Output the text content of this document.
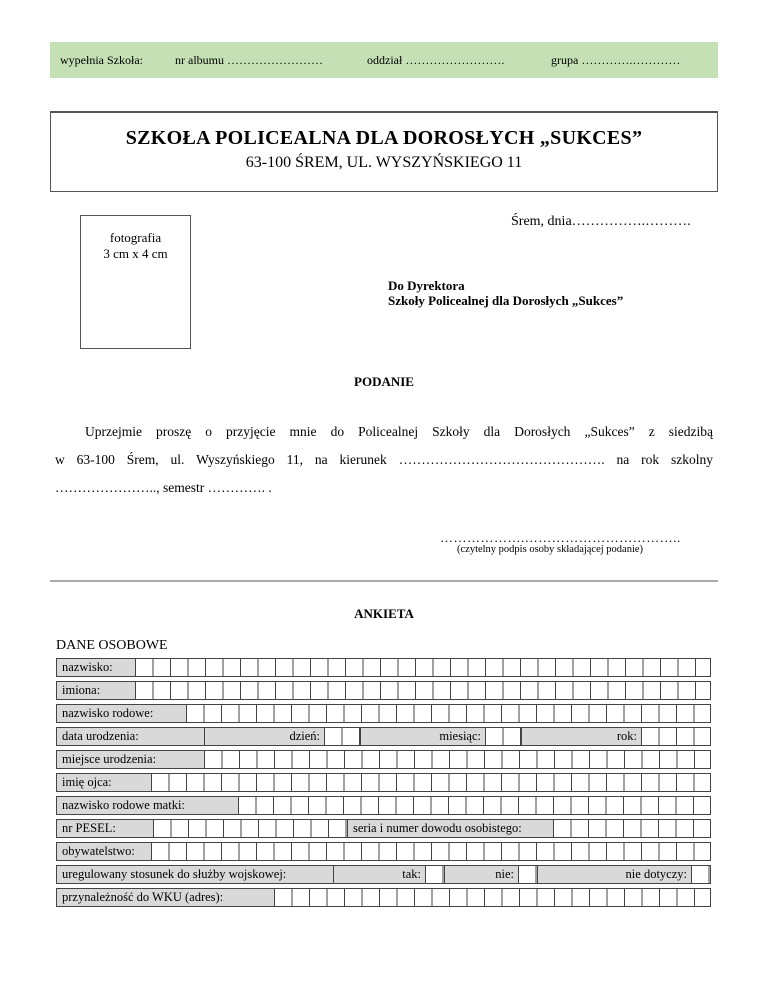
wypełnia Szkoła:	nr albumu ……………………	oddział …………………….	grupa ………….…………
SZKOŁA POLICEALNA DLA DOROSŁYCH „SUKCES”
63-100 ŚREM, UL. WYSZYŃSKIEGO 11
Śrem, dnia…………….……….
fotografia
3 cm x 4 cm
Do Dyrektora
Szkoły Policealnej dla Dorosłych „Sukces”
PODANIE
Uprzejmie proszę o przyjęcie mnie do Policealnej Szkoły dla Dorosłych „Sukces” z siedzibą
w 63-100 Śrem, ul. Wyszyńskiego 11, na kierunek ………………………………………. na rok szkolny
………………….., semestr …………. .
……………….……………………………..
(czytelny podpis osoby składającej podanie)
ANKIETA
DANE OSOBOWE
nazwisko:
imiona:
nazwisko rodowe:
data urodzenia:	dzień:	miesiąc:	rok:
miejsce urodzenia:
imię ojca:
nazwisko rodowe matki:
nr PESEL:	seria i numer dowodu osobistego:
obywatelstwo:
uregulowany stosunek do służby wojskowej:	tak:	nie:	nie dotyczy:
przynależność do WKU (adres):
